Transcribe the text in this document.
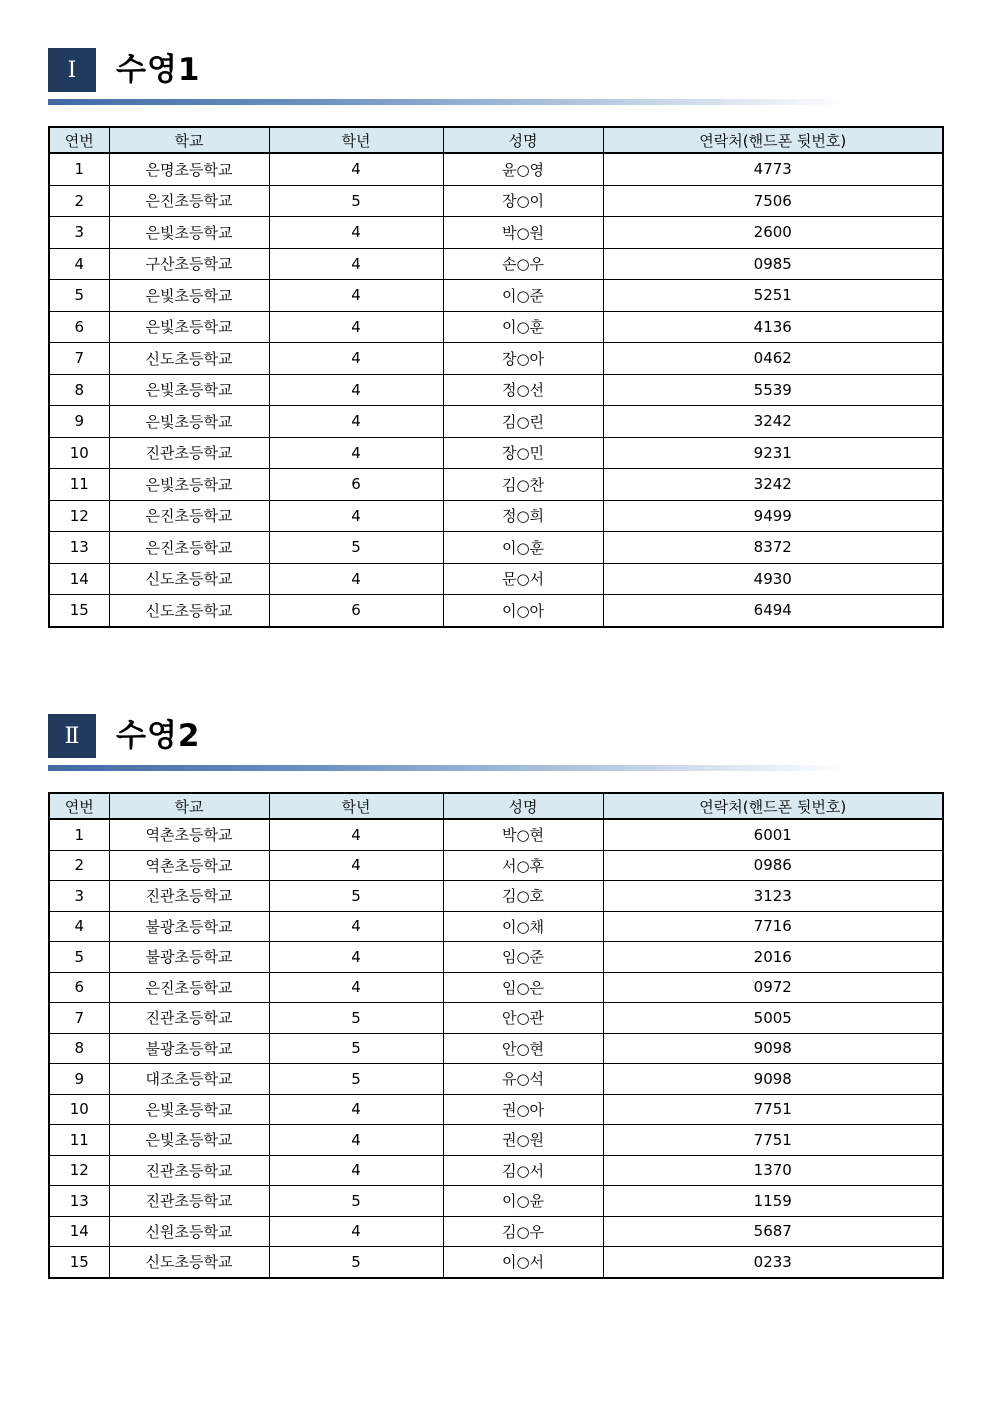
Ⅰ	수영1
연번	학교	학년	성명	연락처(핸드폰 뒷번호)
1	은명초등학교	4	윤○영	4773
2	은진초등학교	5	장○이	7506
3	은빛초등학교	4	박○원	2600
4	구산초등학교	4	손○우	0985
5	은빛초등학교	4	이○준	5251
6	은빛초등학교	4	이○훈	4136
7	신도초등학교	4	장○아	0462
8	은빛초등학교	4	정○선	5539
9	은빛초등학교	4	김○린	3242
10	진관초등학교	4	장○민	9231
11	은빛초등학교	6	김○찬	3242
12	은진초등학교	4	정○희	9499
13	은진초등학교	5	이○훈	8372
14	신도초등학교	4	문○서	4930
15	신도초등학교	6	이○아	6494
Ⅱ	수영2
연번	학교	학년	성명	연락처(핸드폰 뒷번호)
1	역촌초등학교	4	박○현	6001
2	역촌초등학교	4	서○후	0986
3	진관초등학교	5	김○호	3123
4	불광초등학교	4	이○채	7716
5	불광초등학교	4	임○준	2016
6	은진초등학교	4	임○은	0972
7	진관초등학교	5	안○관	5005
8	불광초등학교	5	안○현	9098
9	대조초등학교	5	유○석	9098
10	은빛초등학교	4	권○아	7751
11	은빛초등학교	4	권○원	7751
12	진관초등학교	4	김○서	1370
13	진관초등학교	5	이○윤	1159
14	신원초등학교	4	김○우	5687
15	신도초등학교	5	이○서	0233
